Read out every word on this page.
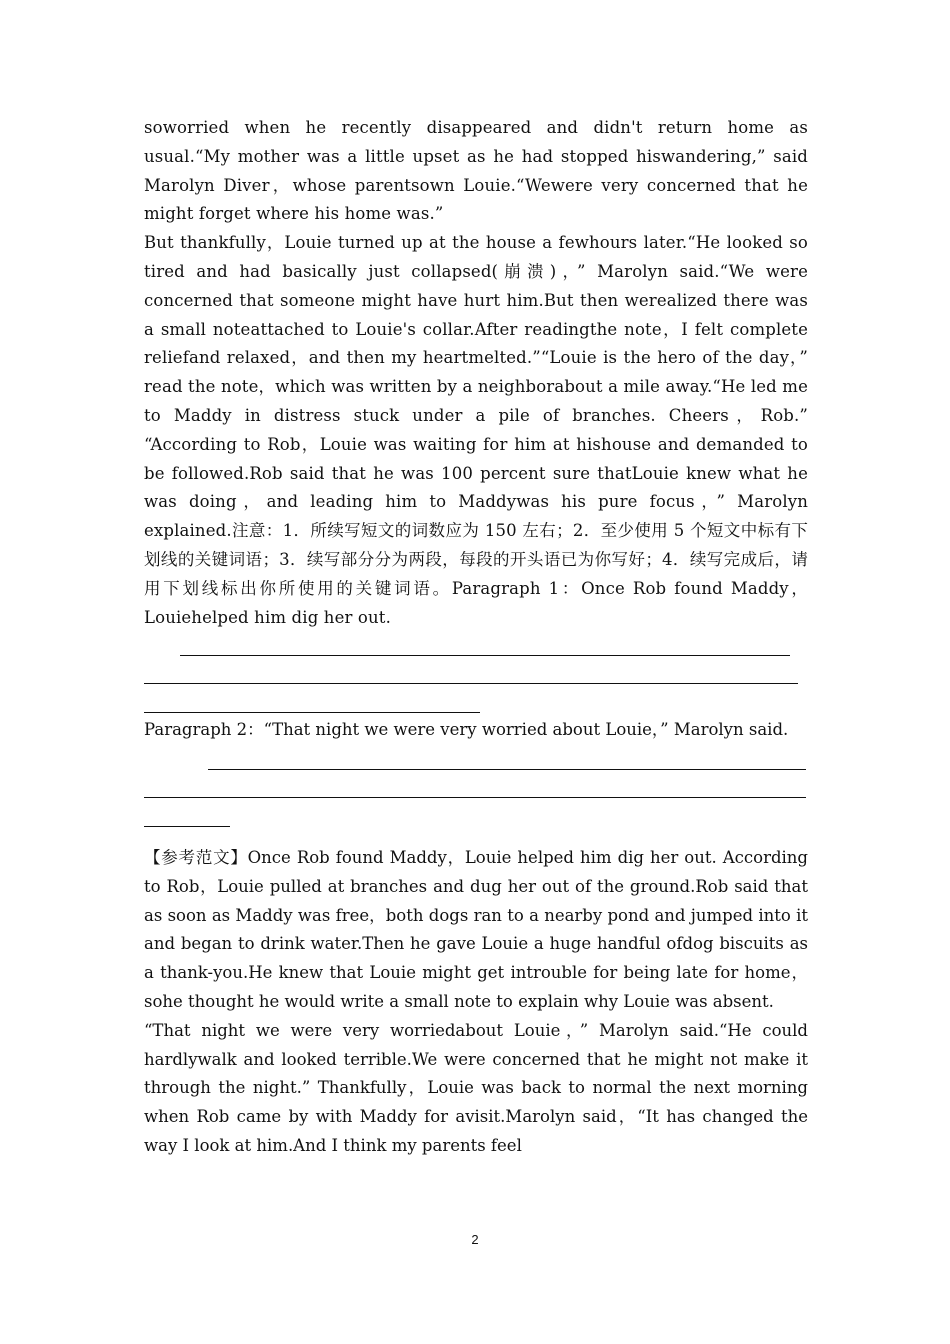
soworried when he recently disappeared and didn't return home as usual.“My mother was a little upset as he had stopped hiswandering,” said Marolyn Diver，whose parentsown Louie.“Wewere very concerned that he might forget where his home was.”

But thankfully，Louie turned up at the house a fewhours later.“He looked so tired and had basically just collapsed(崩溃)，” Marolyn said.“We were concerned that someone might have hurt him.But then werealized there was a small noteattached to Louie's collar.After readingthe note，I felt complete reliefand relaxed，and then my heartmelted.”“Louie is the hero of the day，” read the note，which was written by a neighborabout a mile away.“He led me to Maddy in distress stuck under a pile of branches. Cheers，Rob.” “According to Rob，Louie was waiting for him at hishouse and demanded to be followed.Rob said that he was 100 percent sure thatLouie knew what he was doing，and leading him to Maddywas his pure focus，” Marolyn explained.注意：1．所续写短文的词数应为 150 左右；2．至少使用 5 个短文中标有下划线的关键词语；3．续写部分分为两段，每段的开头语已为你写好；4．续写完成后，请用下划线标出你所使用的关键词语。Paragraph 1：Once Rob found Maddy，Louiehelped him dig her out.

Paragraph 2：“That night we were very worried about Louie，” Marolyn said.

【参考范文】Once Rob found Maddy，Louie helped him dig her out. According to Rob，Louie pulled at branches and dug her out of the ground.Rob said that as soon as Maddy was free，both dogs ran to a nearby pond and jumped into it and began to drink water.Then he gave Louie a huge handful ofdog biscuits as a thank-you.He knew that Louie might get introuble for being late for home，sohe thought he would write a small note to explain why Louie was absent.

“That night we were very worriedabout Louie，” Marolyn said.“He could hardlywalk and looked terrible.We were concerned that he might not make it through the night.” Thankfully，Louie was back to normal the next morning when Rob came by with Maddy for avisit.Marolyn said，“It has changed the way I look at him.And I think my parents feel

2
